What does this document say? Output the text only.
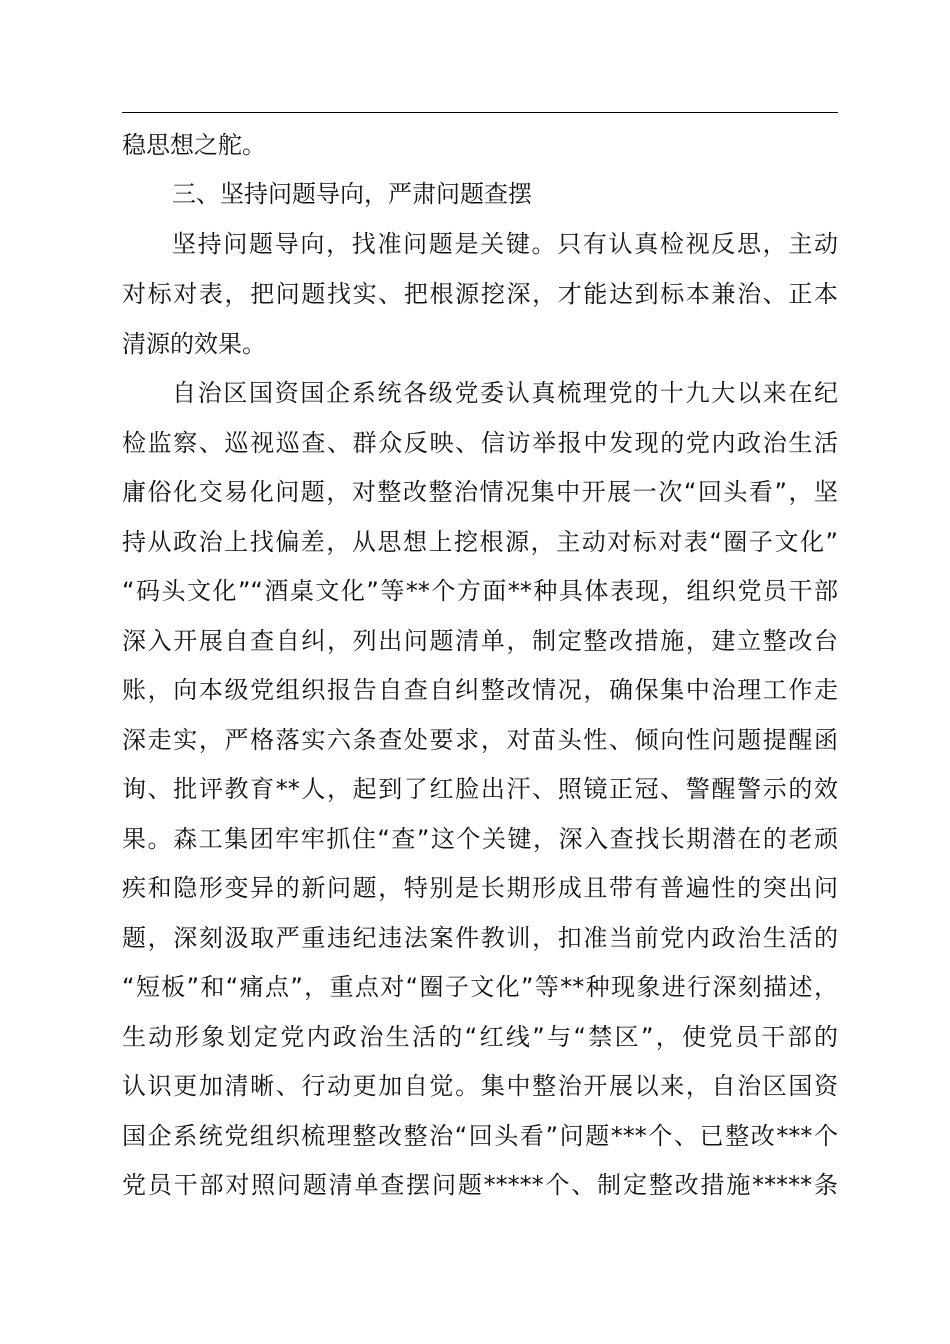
稳思想之舵。
三、坚持问题导向，严肃问题查摆
坚持问题导向，找准问题是关键。只有认真检视反思，主动
对标对表，把问题找实、把根源挖深，才能达到标本兼治、正本
清源的效果。
自治区国资国企系统各级党委认真梳理党的十九大以来在纪
检监察、巡视巡查、群众反映、信访举报中发现的党内政治生活
庸俗化交易化问题，对整改整治情况集中开展一次“回头看”，坚
持从政治上找偏差，从思想上挖根源，主动对标对表“圈子文化”
“码头文化”“酒桌文化”等**个方面**种具体表现，组织党员干部
深入开展自查自纠，列出问题清单，制定整改措施，建立整改台
账，向本级党组织报告自查自纠整改情况，确保集中治理工作走
深走实，严格落实六条查处要求，对苗头性、倾向性问题提醒函
询、批评教育**人，起到了红脸出汗、照镜正冠、警醒警示的效
果。森工集团牢牢抓住“查”这个关键，深入查找长期潜在的老顽
疾和隐形变异的新问题，特别是长期形成且带有普遍性的突出问
题，深刻汲取严重违纪违法案件教训，扣准当前党内政治生活的
“短板”和“痛点”，重点对“圈子文化”等**种现象进行深刻描述，
生动形象划定党内政治生活的“红线”与“禁区”，使党员干部的
认识更加清晰、行动更加自觉。集中整治开展以来，自治区国资
国企系统党组织梳理整改整治“回头看”问题***个、已整改***个
党员干部对照问题清单查摆问题*****个、制定整改措施*****条
